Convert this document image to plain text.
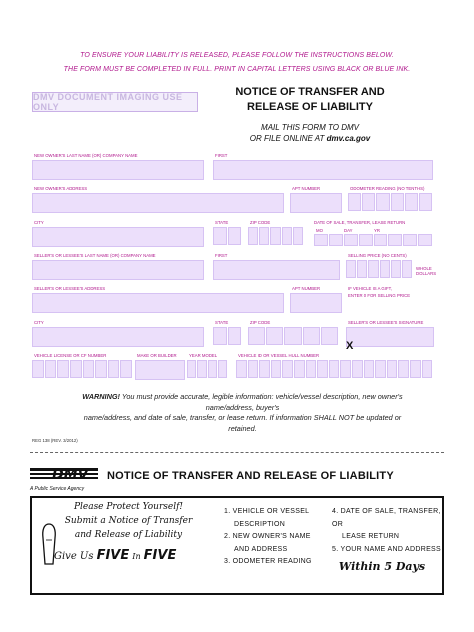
TO ENSURE YOUR LIABILITY IS RELEASED, PLEASE FOLLOW THE INSTRUCTIONS BELOW.
THE FORM MUST BE COMPLETED IN FULL. PRINT IN CAPITAL LETTERS USING BLACK OR BLUE INK.
DMV DOCUMENT IMAGING USE ONLY
NOTICE OF TRANSFER AND
RELEASE OF LIABILITY
MAIL THIS FORM TO DMV
OR FILE ONLINE AT dmv.ca.gov
NEW OWNER'S LAST NAME (OR) COMPANY NAME	FIRST
NEW OWNER'S ADDRESS	APT NUMBER	ODOMETER READING (NO TENTHS)
CITY	STATE	ZIP CODE	DATE OF SALE, TRANSFER, LEASE RETURN
MO	DAY	YR
SELLER'S OR LESSEE'S LAST NAME (OR) COMPANY NAME	FIRST	SELLING PRICE (NO CENTS)
WHOLE DOLLARS
SELLER'S OR LESSEE'S ADDRESS	APT NUMBER	IF VEHICLE IS A GIFT,
ENTER 0 FOR SELLING PRICE
CITY	STATE	ZIP CODE	SELLER'S OR LESSEE'S SIGNATURE
X
VEHICLE LICENSE OR CF NUMBER	MAKE OR BUILDER	YEAR MODEL	VEHICLE ID OR VESSEL HULL NUMBER
WARNING! You must provide accurate, legible information: vehicle/vessel description, new owner's name/address, buyer's
name/address, and date of sale, transfer, or lease return. If information SHALL NOT be updated or retained.
REG 138 (REV. 3/2012)
DMV
A Public Service Agency
NOTICE OF TRANSFER AND RELEASE OF LIABILITY
Please Protect Yourself!
Submit a Notice of Transfer
and Release of Liability
Give Us FIVE In FIVE
1. VEHICLE OR VESSEL
DESCRIPTION
2. NEW OWNER'S NAME
AND ADDRESS
3. ODOMETER READING
4. DATE OF SALE, TRANSFER, OR
LEASE RETURN
5. YOUR NAME AND ADDRESS
Within 5 Days
